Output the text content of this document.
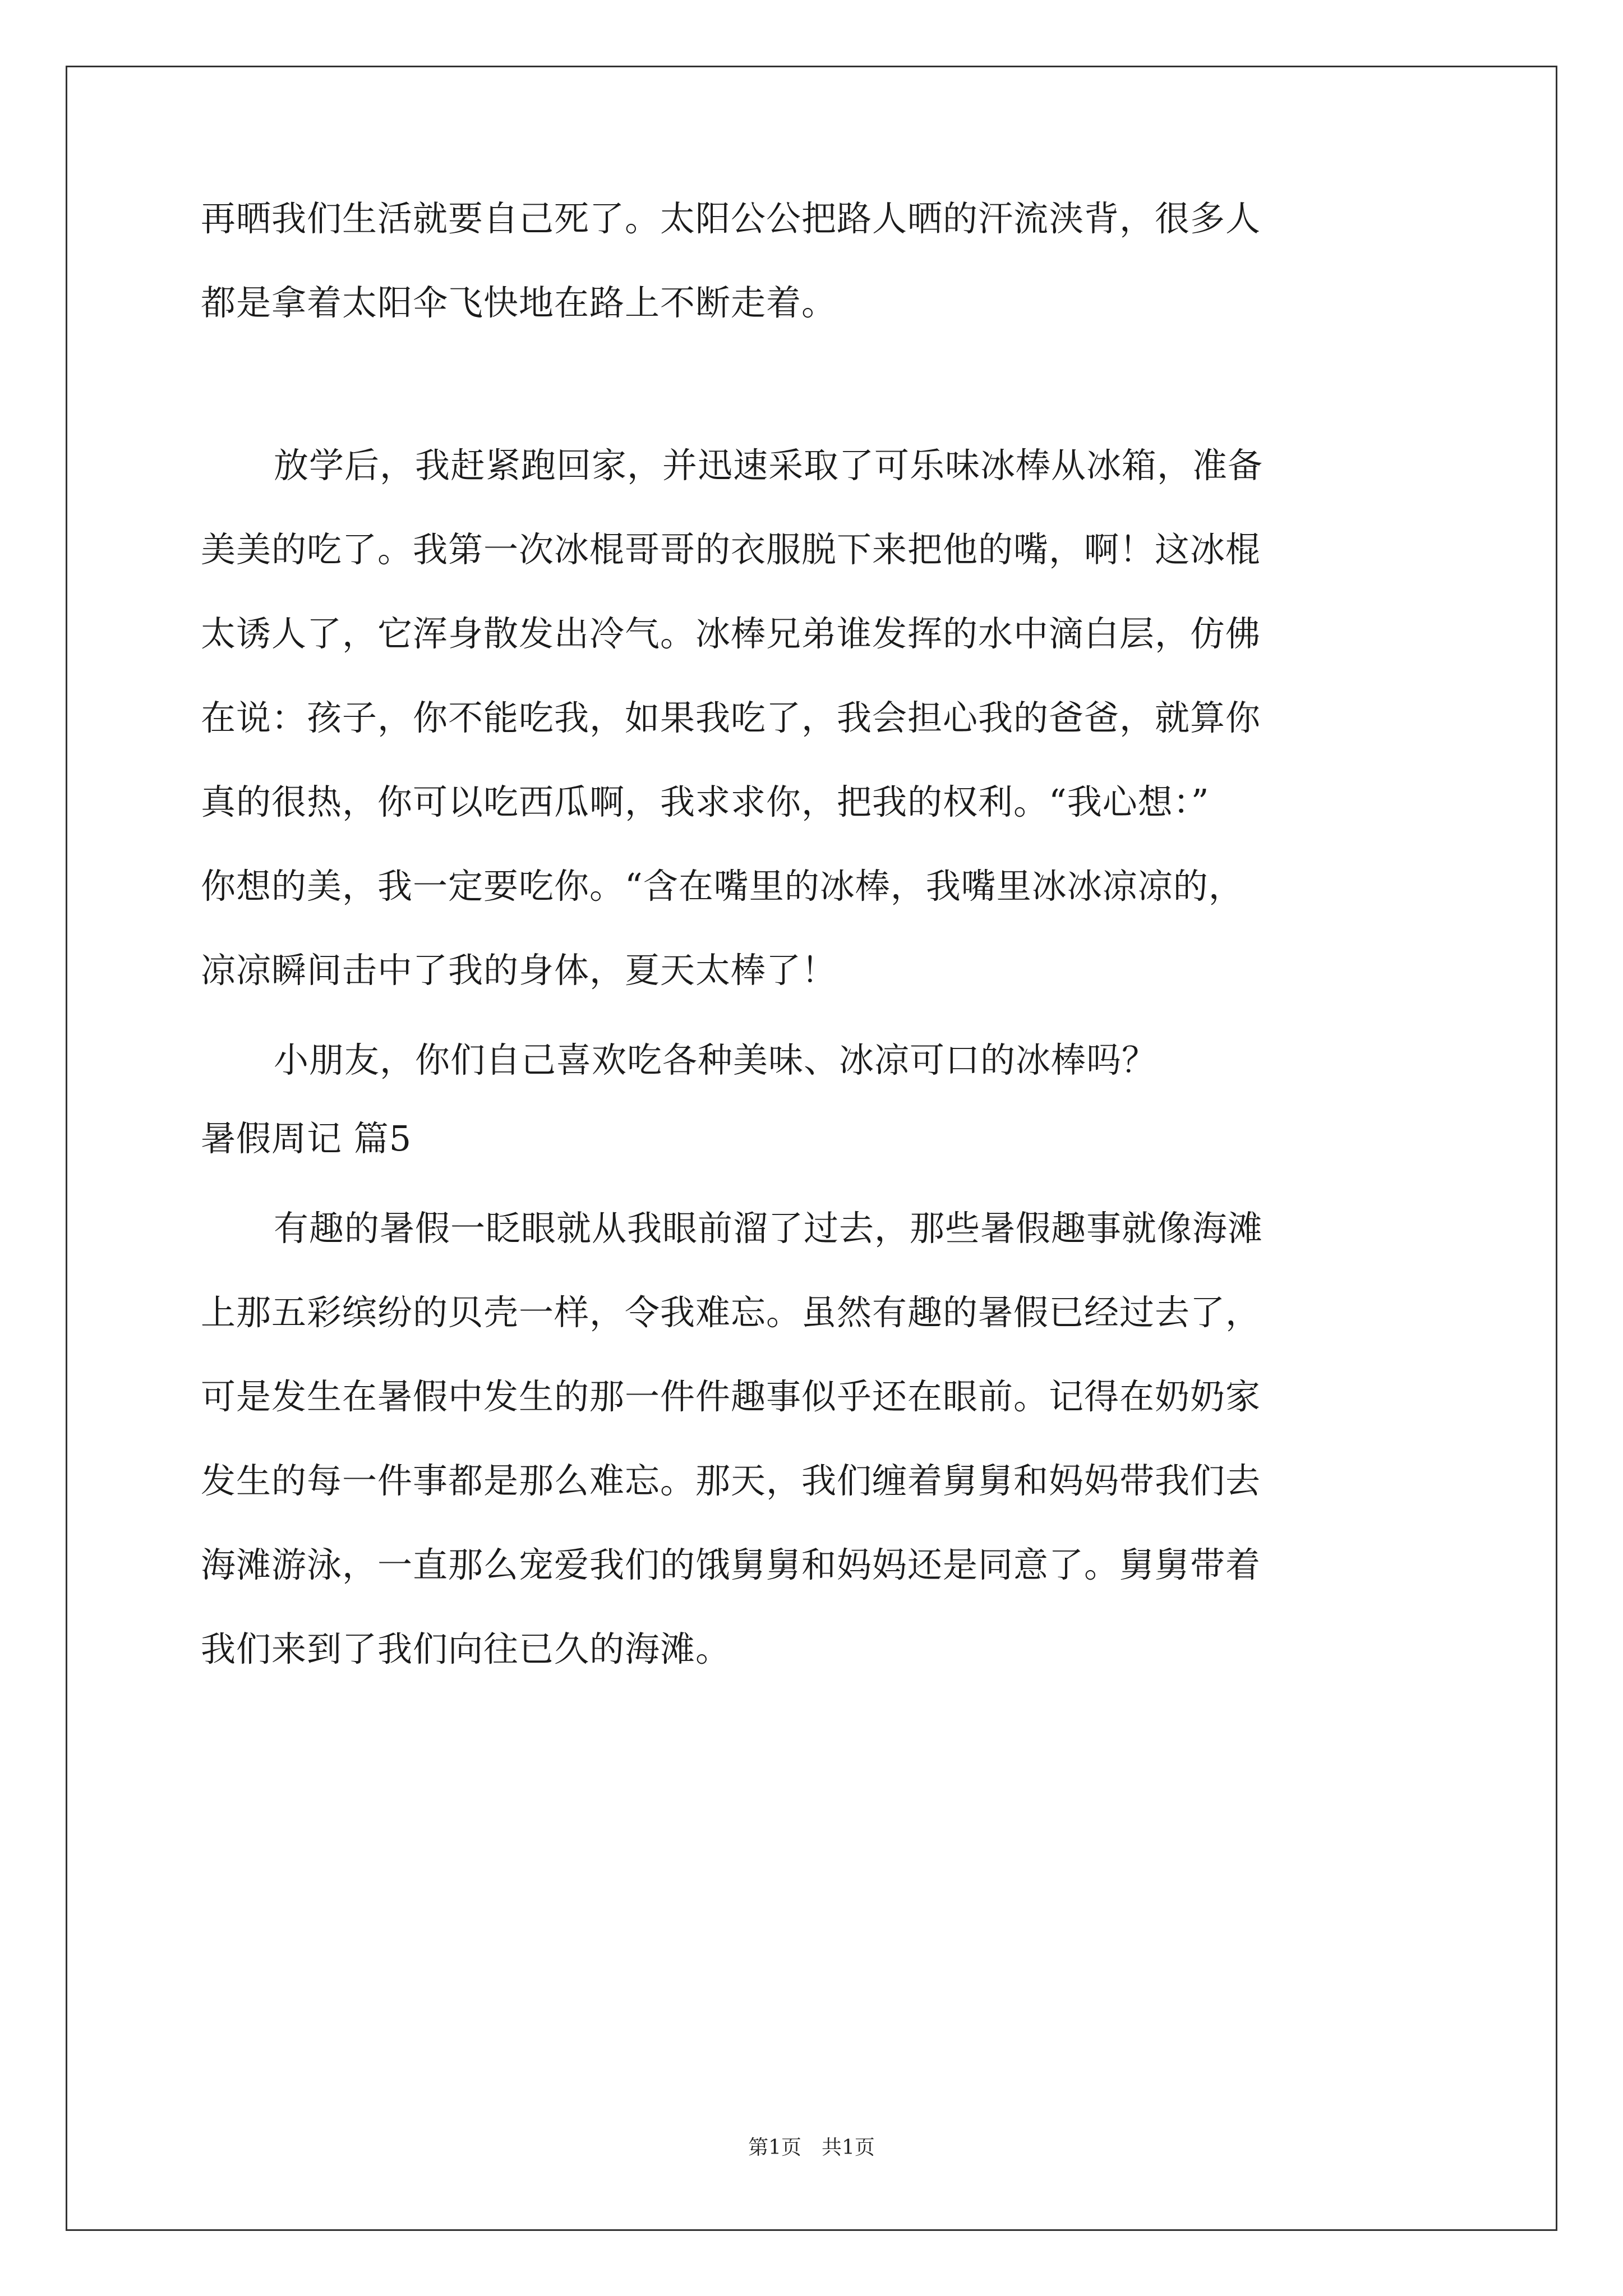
再晒我们生活就要自己死了。太阳公公把路人晒的汗流浃背，很多人
都是拿着太阳伞飞快地在路上不断走着。
放学后，我赶紧跑回家，并迅速采取了可乐味冰棒从冰箱，准备
美美的吃了。我第一次冰棍哥哥的衣服脱下来把他的嘴，啊！这冰棍
太诱人了，它浑身散发出冷气。冰棒兄弟谁发挥的水中滴白层，仿佛
在说：孩子，你不能吃我，如果我吃了，我会担心我的爸爸，就算你
真的很热，你可以吃西瓜啊，我求求你，把我的权利。“我心想：”
你想的美，我一定要吃你。“含在嘴里的冰棒，我嘴里冰冰凉凉的，
凉凉瞬间击中了我的身体，夏天太棒了！
小朋友，你们自己喜欢吃各种美味、冰凉可口的冰棒吗？
暑假周记 篇5
有趣的暑假一眨眼就从我眼前溜了过去，那些暑假趣事就像海滩
上那五彩缤纷的贝壳一样，令我难忘。虽然有趣的暑假已经过去了，
可是发生在暑假中发生的那一件件趣事似乎还在眼前。记得在奶奶家
发生的每一件事都是那么难忘。那天，我们缠着舅舅和妈妈带我们去
海滩游泳，一直那么宠爱我们的饿舅舅和妈妈还是同意了。舅舅带着
我们来到了我们向往已久的海滩。
第1页　共1页
